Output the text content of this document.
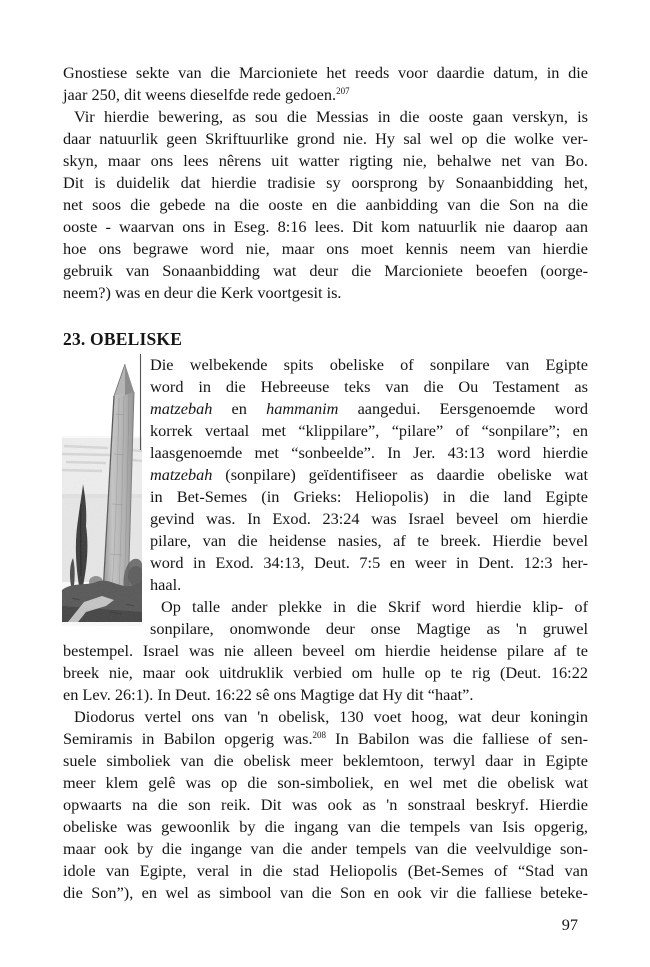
Gnostiese sekte van die Marcioniete het reeds voor daardie datum, in die
jaar 250, dit weens dieselfde rede gedoen.$^{207}$
Vir hierdie bewering, as sou die Messias in die ooste gaan verskyn, is
daar natuurlik geen Skriftuurlike grond nie. Hy sal wel op die wolke ver-
skyn, maar ons lees nêrens uit watter rigting nie, behalwe net van Bo.
Dit is duidelik dat hierdie tradisie sy oorsprong by Sonaanbidding het,
net soos die gebede na die ooste en die aanbidding van die Son na die
ooste - waarvan ons in Eseg. 8:16 lees. Dit kom natuurlik nie daarop aan
hoe ons begrawe word nie, maar ons moet kennis neem van hierdie
gebruik van Sonaanbidding wat deur die Marcioniete beoefen (oorge-
neem?) was en deur die Kerk voortgesit is.
23. OBELISKE
Die welbekende spits obeliske of sonpilare van Egipte
word in die Hebreeuse teks van die Ou Testament as
matzebah en hammanim aangedui. Eersgenoemde word
korrek vertaal met “klippilare”, “pilare” of “sonpilare”; en
laasgenoemde met “sonbeelde”. In Jer. 43:13 word hierdie
matzebah (sonpilare) geïdentifiseer as daardie obeliske wat
in Bet-Semes (in Grieks: Heliopolis) in die land Egipte
gevind was. In Exod. 23:24 was Israel beveel om hierdie
pilare, van die heidense nasies, af te breek. Hierdie bevel
word in Exod. 34:13, Deut. 7:5 en weer in Dent. 12:3 her-
haal.
Op talle ander plekke in die Skrif word hierdie klip- of
sonpilare, onomwonde deur onse Magtige as 'n gruwel
bestempel. Israel was nie alleen beveel om hierdie heidense pilare af te
breek nie, maar ook uitdruklik verbied om hulle op te rig (Deut. 16:22
en Lev. 26:1). In Deut. 16:22 sê ons Magtige dat Hy dit “haat”.
Diodorus vertel ons van 'n obelisk, 130 voet hoog, wat deur koningin
Semiramis in Babilon opgerig was.$^{208}$ In Babilon was die falliese of sen-
suele simboliek van die obelisk meer beklemtoon, terwyl daar in Egipte
meer klem gelê was op die son-simboliek, en wel met die obelisk wat
opwaarts na die son reik. Dit was ook as 'n sonstraal beskryf. Hierdie
obeliske was gewoonlik by die ingang van die tempels van Isis opgerig,
maar ook by die ingange van die ander tempels van die veelvuldige son-
idole van Egipte, veral in die stad Heliopolis (Bet-Semes of “Stad van
die Son”), en wel as simbool van die Son en ook vir die falliese beteke-
97
